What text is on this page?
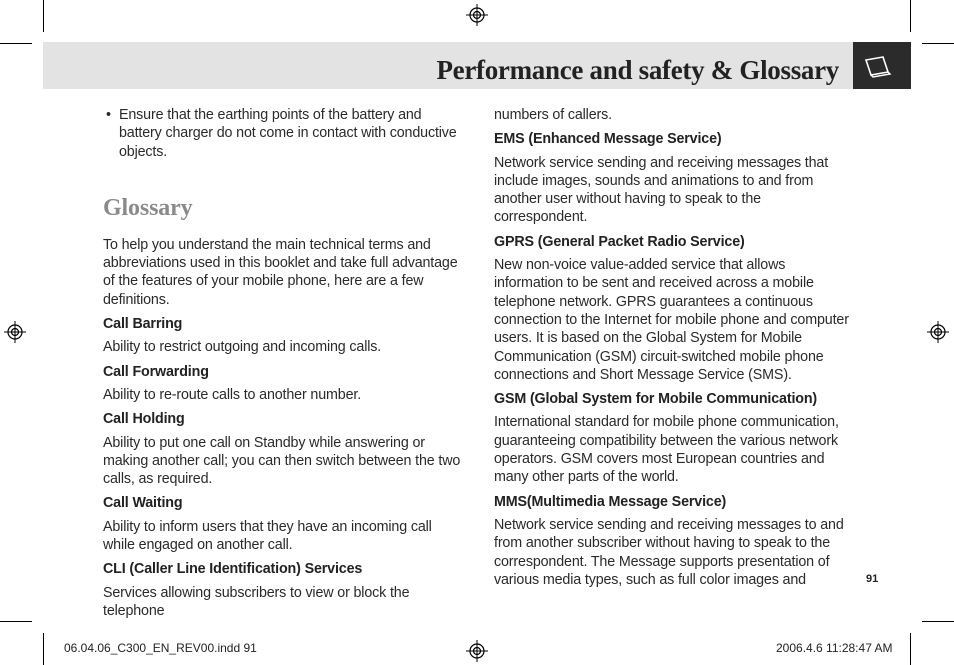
Performance and safety & Glossary
• Ensure that the earthing points of the battery and battery charger do not come in contact with conductive objects.
Glossary

To help you understand the main technical terms and abbreviations used in this booklet and take full advantage of the features of your mobile phone, here are a few definitions.

Call Barring

Ability to restrict outgoing and incoming calls.

Call Forwarding

Ability to re-route calls to another number.

Call Holding

Ability to put one call on Standby while answering or making another call; you can then switch between the two calls, as required.

Call Waiting

Ability to inform users that they have an incoming call while engaged on another call.

CLI (Caller Line Identification) Services

Services allowing subscribers to view or block the telephone

numbers of callers.

EMS (Enhanced Message Service)

Network service sending and receiving messages that include images, sounds and animations to and from another user without having to speak to the correspondent.

GPRS (General Packet Radio Service)

New non-voice value-added service that allows information to be sent and received across a mobile telephone network. GPRS guarantees a continuous connection to the Internet for mobile phone and computer users. It is based on the Global System for Mobile Communication (GSM) circuit-switched mobile phone connections and Short Message Service (SMS).

GSM (Global System for Mobile Communication)

International standard for mobile phone communication, guaranteeing compatibility between the various network operators. GSM covers most European countries and many other parts of the world.

MMS(Multimedia Message Service)

Network service sending and receiving messages to and from another subscriber without having to speak to the correspondent. The Message supports presentation of various media types, such as full color images and	91
06.04.06_C300_EN_REV00.indd 91	2006.4.6 11:28:47 AM
